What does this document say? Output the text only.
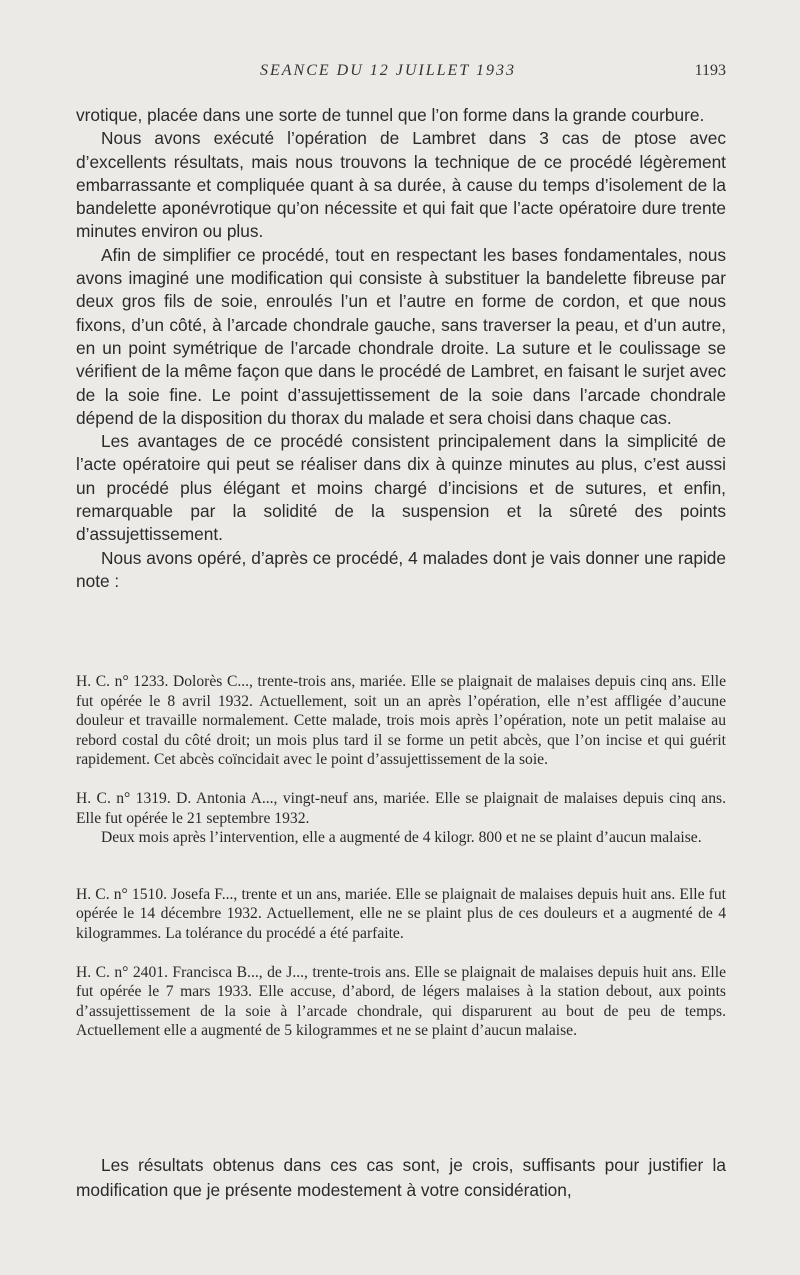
SEANCE DU 12 JUILLET 1933	1193

vrotique, placée dans une sorte de tunnel que l’on forme dans la grande courbure.

Nous avons exécuté l’opération de Lambret dans 3 cas de ptose avec d’excellents résultats, mais nous trouvons la technique de ce procédé légèrement embarrassante et compliquée quant à sa durée, à cause du temps d’isolement de la bandelette aponévrotique qu’on nécessite et qui fait que l’acte opératoire dure trente minutes environ ou plus.

Afin de simplifier ce procédé, tout en respectant les bases fondamentales, nous avons imaginé une modification qui consiste à substituer la bandelette fibreuse par deux gros fils de soie, enroulés l’un et l’autre en forme de cordon, et que nous fixons, d’un côté, à l’arcade chondrale gauche, sans traverser la peau, et d’un autre, en un point symétrique de l’arcade chondrale droite. La suture et le coulissage se vérifient de la même façon que dans le procédé de Lambret, en faisant le surjet avec de la soie fine. Le point d’assujettissement de la soie dans l’arcade chondrale dépend de la disposition du thorax du malade et sera choisi dans chaque cas.

Les avantages de ce procédé consistent principalement dans la simplicité de l’acte opératoire qui peut se réaliser dans dix à quinze minutes au plus, c’est aussi un procédé plus élégant et moins chargé d’incisions et de sutures, et enfin, remarquable par la solidité de la suspension et la sûreté des points d’assujettissement.

Nous avons opéré, d’après ce procédé, 4 malades dont je vais donner une rapide note :

H. C. n° 1233. Dolorès C..., trente-trois ans, mariée. Elle se plaignait de malaises depuis cinq ans. Elle fut opérée le 8 avril 1932. Actuellement, soit un an après l’opération, elle n’est affligée d’aucune douleur et travaille normalement. Cette malade, trois mois après l’opération, note un petit malaise au rebord costal du côté droit; un mois plus tard il se forme un petit abcès, que l’on incise et qui guérit rapidement. Cet abcès coïncidait avec le point d’assujettissement de la soie.

H. C. n° 1319. D. Antonia A..., vingt-neuf ans, mariée. Elle se plaignait de malaises depuis cinq ans. Elle fut opérée le 21 septembre 1932.

Deux mois après l’intervention, elle a augmenté de 4 kilogr. 800 et ne se plaint d’aucun malaise.

H. C. n° 1510. Josefa F..., trente et un ans, mariée. Elle se plaignait de malaises depuis huit ans. Elle fut opérée le 14 décembre 1932. Actuellement, elle ne se plaint plus de ces douleurs et a augmenté de 4 kilogrammes. La tolérance du procédé a été parfaite.

H. C. n° 2401. Francisca B..., de J..., trente-trois ans. Elle se plaignait de malaises depuis huit ans. Elle fut opérée le 7 mars 1933. Elle accuse, d’abord, de légers malaises à la station debout, aux points d’assujettissement de la soie à l’arcade chondrale, qui disparurent au bout de peu de temps. Actuellement elle a augmenté de 5 kilogrammes et ne se plaint d’aucun malaise.

Les résultats obtenus dans ces cas sont, je crois, suffisants pour justifier la modification que je présente modestement à votre considération,
